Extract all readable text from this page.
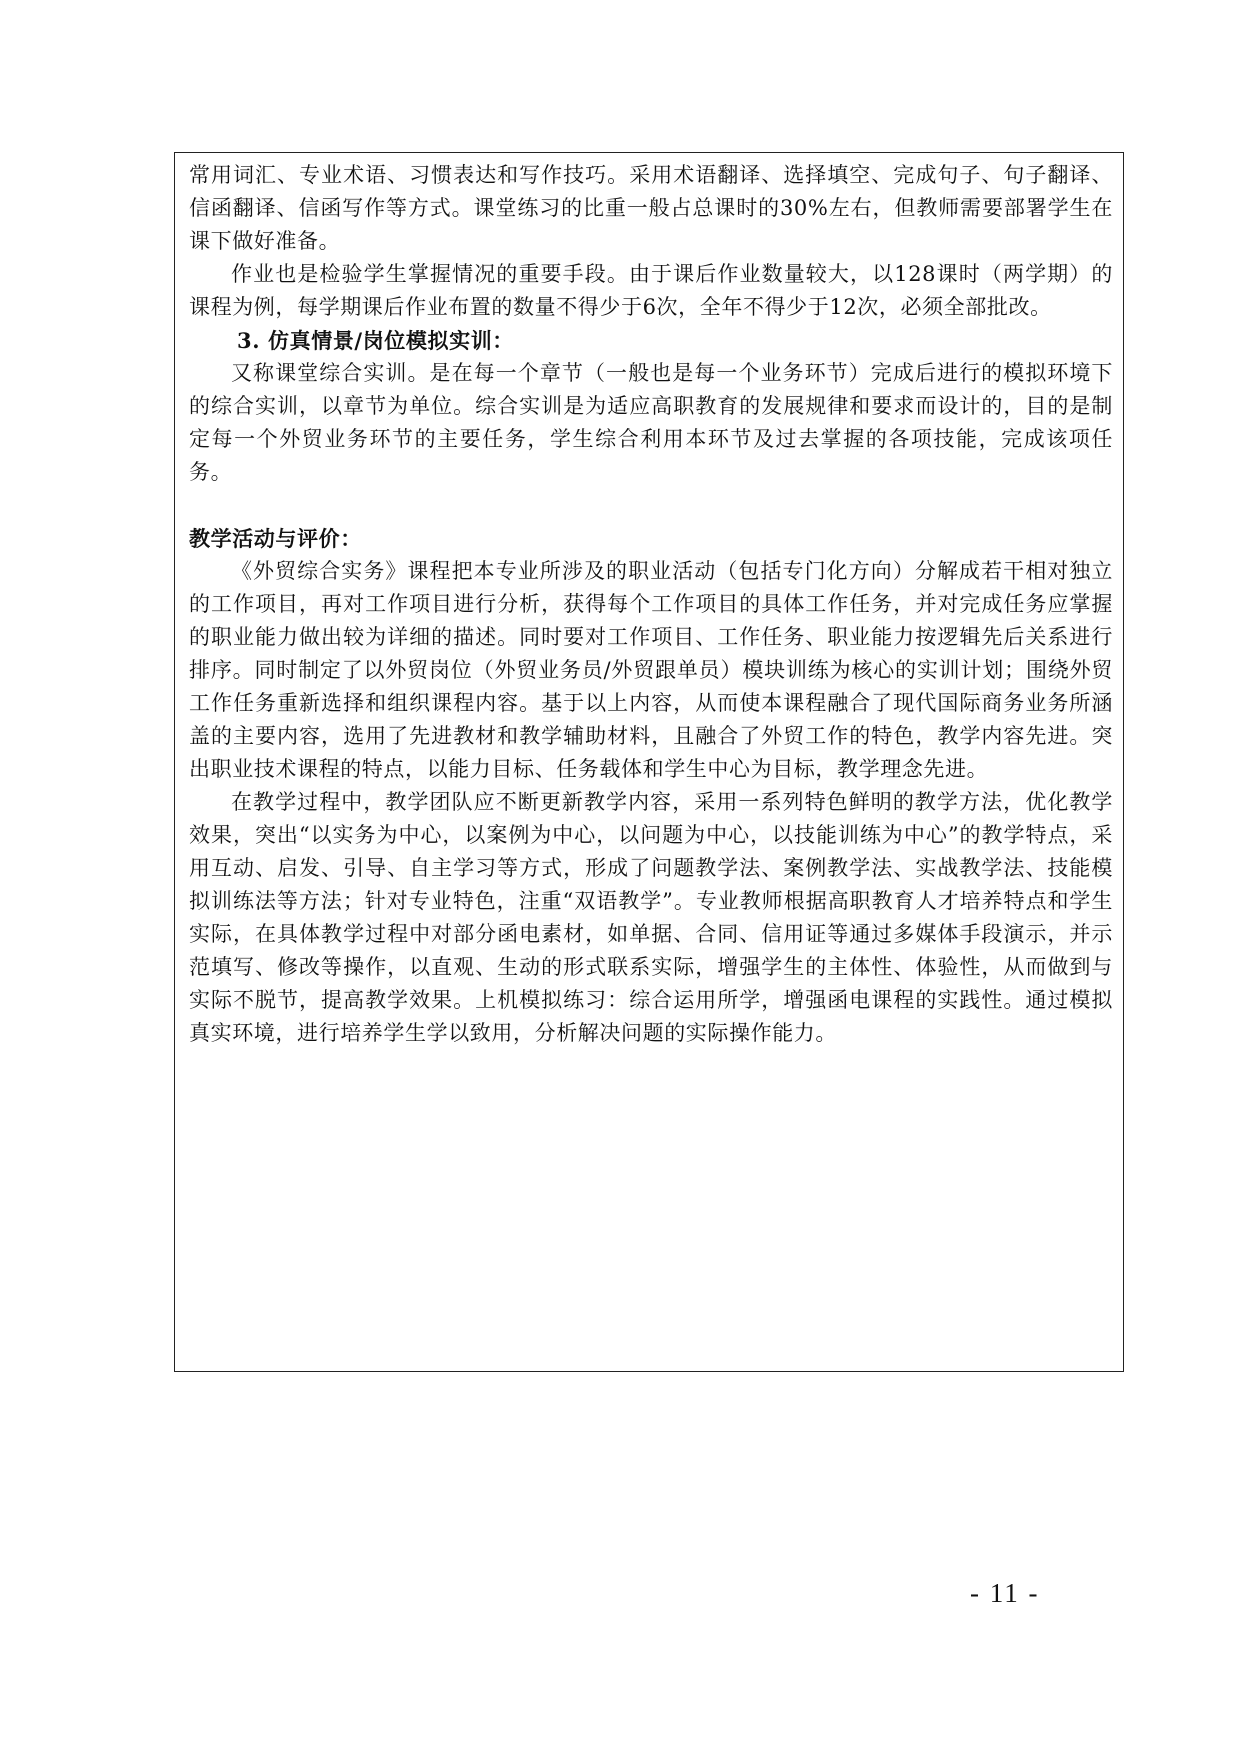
常用词汇、专业术语、习惯表达和写作技巧。采用术语翻译、选择填空、完成句子、句子翻译、信函翻译、信函写作等方式。课堂练习的比重一般占总课时的30%左右，但教师需要部署学生在课下做好准备。

作业也是检验学生掌握情况的重要手段。由于课后作业数量较大，以128课时（两学期）的课程为例，每学期课后作业布置的数量不得少于6次，全年不得少于12次，必须全部批改。

3. 仿真情景/岗位模拟实训：

又称课堂综合实训。是在每一个章节（一般也是每一个业务环节）完成后进行的模拟环境下的综合实训，以章节为单位。综合实训是为适应高职教育的发展规律和要求而设计的，目的是制定每一个外贸业务环节的主要任务，学生综合利用本环节及过去掌握的各项技能，完成该项任务。

教学活动与评价：

《外贸综合实务》课程把本专业所涉及的职业活动（包括专门化方向）分解成若干相对独立的工作项目，再对工作项目进行分析，获得每个工作项目的具体工作任务，并对完成任务应掌握的职业能力做出较为详细的描述。同时要对工作项目、工作任务、职业能力按逻辑先后关系进行排序。同时制定了以外贸岗位（外贸业务员/外贸跟单员）模块训练为核心的实训计划；围绕外贸工作任务重新选择和组织课程内容。基于以上内容，从而使本课程融合了现代国际商务业务所涵盖的主要内容，选用了先进教材和教学辅助材料，且融合了外贸工作的特色，教学内容先进。突出职业技术课程的特点，以能力目标、任务载体和学生中心为目标，教学理念先进。

在教学过程中，教学团队应不断更新教学内容，采用一系列特色鲜明的教学方法，优化教学效果，突出“以实务为中心，以案例为中心，以问题为中心，以技能训练为中心”的教学特点，采用互动、启发、引导、自主学习等方式，形成了问题教学法、案例教学法、实战教学法、技能模拟训练法等方法；针对专业特色，注重“双语教学”。专业教师根据高职教育人才培养特点和学生实际，在具体教学过程中对部分函电素材，如单据、合同、信用证等通过多媒体手段演示，并示范填写、修改等操作，以直观、生动的形式联系实际，增强学生的主体性、体验性，从而做到与实际不脱节，提高教学效果。上机模拟练习：综合运用所学，增强函电课程的实践性。通过模拟真实环境，进行培养学生学以致用，分析解决问题的实际操作能力。

- 11 -
